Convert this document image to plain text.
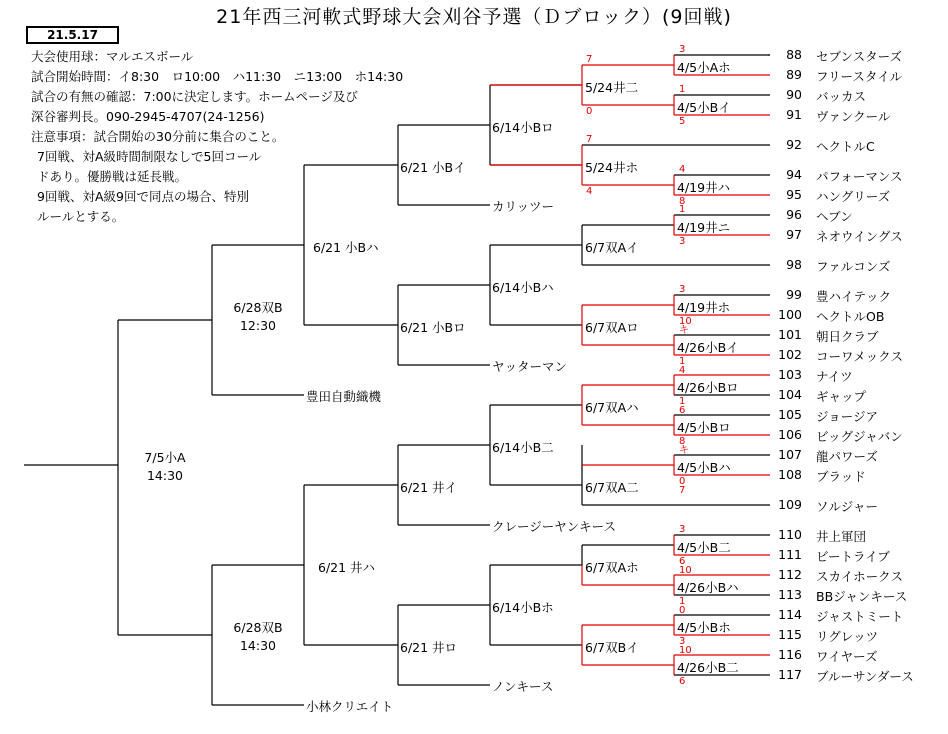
21年西三河軟式野球大会刈谷予選（Ｄブロック）(9回戦)
21.5.17
大会使用球：マルエスボール
試合開始時間：イ8:30　ロ10:00　ハ11:30　ニ13:00　ホ14:30
試合の有無の確認：7:00に決定します。ホームページ及び
深谷審判長。090-2945-4707(24-1256)
注意事項：試合開始の30分前に集合のこと。
7回戦、対A級時間制限なしで5回コール
ドあり。優勝戦は延長戦。
9回戦、対A級9回で同点の場合、特別
ルールとする。
88 セブンスターズ
89 フリースタイル
90 バッカス
91 ヴァンクール
92 ヘクトルC
94 パフォーマンス
95 ハングリーズ
96 ヘブン
97 ネオウイングス
98 ファルコンズ
99 豊ハイテック
100 ヘクトルOB
101 朝日クラブ
102 コーワメックス
103 ナイツ
104 ギャップ
105 ジョージア
106 ビッグジャバン
107 龍パワーズ
108 ブラッド
109 ソルジャー
110 井上軍団
111 ビートライブ
112 スカイホークス
113 BBジャンキース
114 ジャストミート
115 リグレッツ
116 ワイヤーズ
117 ブルーサンダース
カリッツー
ヤッターマン
豊田自動織機
クレージーヤンキース
ノンキース
小林クリエイト
4/5小Aホ
4/5小Bイ
4/19井ハ
4/19井ニ
4/19井ホ
4/26小Bイ
4/26小Bロ
4/5小Bロ
4/5小Bハ
4/5小B二
4/26小Bハ
4/5小Bホ
4/26小B二
5/24井二
5/24井ホ
6/7双Aイ
6/7双Aロ
6/7双Aハ
6/7双A二
6/7双Aホ
6/7双Bイ
6/14小Bロ
6/14小Bハ
6/14小B二
6/14小Bホ
6/21 小Bイ
6/21 小Bロ
6/21 井イ
6/21 井ロ
6/21 小Bハ
6/21 井ハ
6/28双B
12:30
6/28双B
14:30
7/5小A
14:30
3
1
7
0
5
7
4
4
8
1
3
3
10
キ
1
4
1
6
8
キ
0
7
3
6
10
1
0
3
10
6
